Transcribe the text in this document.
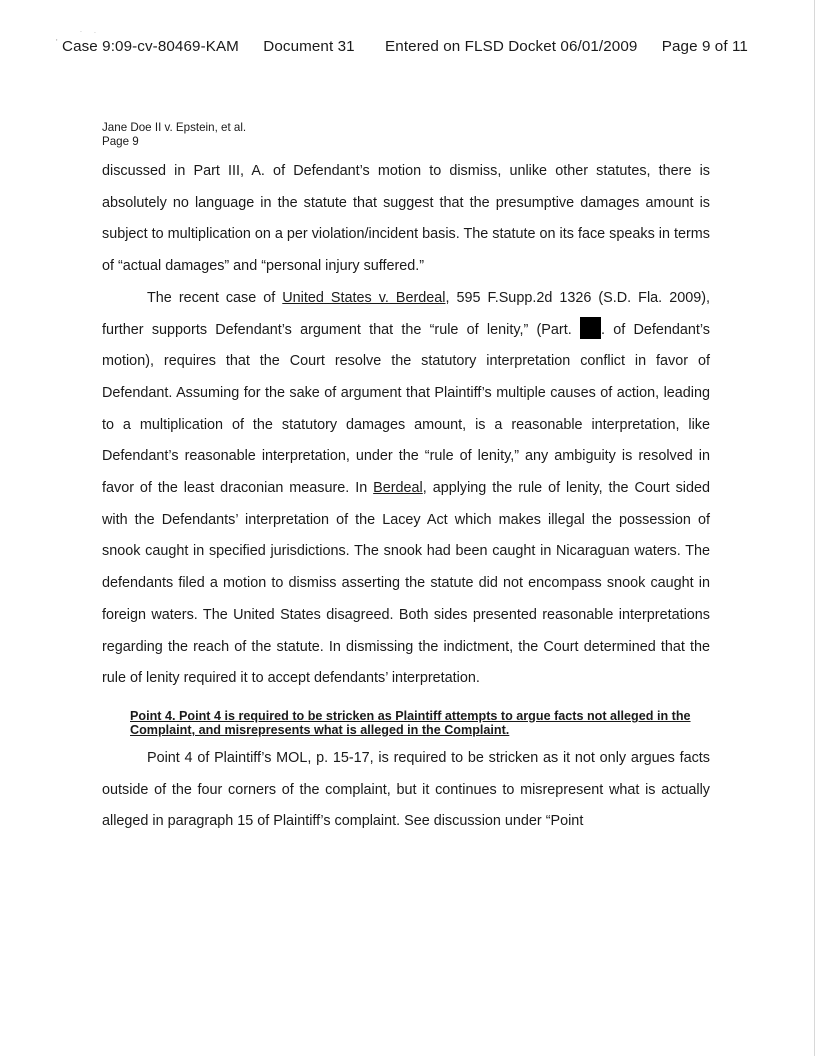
'
˙ ˙
Case 9:09-cv-80469-KAM Document 31 Entered on FLSD Docket 06/01/2009 Page 9 of 11
Jane Doe II v. Epstein, et al.
Page 9

discussed in Part III, A. of Defendant’s motion to dismiss, unlike other statutes, there is absolutely no language in the statute that suggest that the presumptive damages amount is subject to multiplication on a per violation/incident basis. The statute on its face speaks in terms of “actual damages” and “personal injury suffered.”

The recent case of United States v. Berdeal, 595 F.Supp.2d 1326 (S.D. Fla. 2009), further supports Defendant’s argument that the “rule of lenity,” (Part. . of Defendant’s motion), requires that the Court resolve the statutory interpretation conflict in favor of Defendant. Assuming for the sake of argument that Plaintiff’s multiple causes of action, leading to a multiplication of the statutory damages amount, is a reasonable interpretation, like Defendant’s reasonable interpretation, under the “rule of lenity,” any ambiguity is resolved in favor of the least draconian measure. In Berdeal, applying the rule of lenity, the Court sided with the Defendants’ interpretation of the Lacey Act which makes illegal the possession of snook caught in specified jurisdictions. The snook had been caught in Nicaraguan waters. The defendants filed a motion to dismiss asserting the statute did not encompass snook caught in foreign waters. The United States disagreed. Both sides presented reasonable interpretations regarding the reach of the statute. In dismissing the indictment, the Court determined that the rule of lenity required it to accept defendants’ interpretation.

Point 4. Point 4 is required to be stricken as Plaintiff attempts to argue facts not alleged in the Complaint, and misrepresents what is alleged in the Complaint.

Point 4 of Plaintiff’s MOL, p. 15-17, is required to be stricken as it not only argues facts outside of the four corners of the complaint, but it continues to misrepresent what is actually alleged in paragraph 15 of Plaintiff’s complaint. See discussion under “Point
